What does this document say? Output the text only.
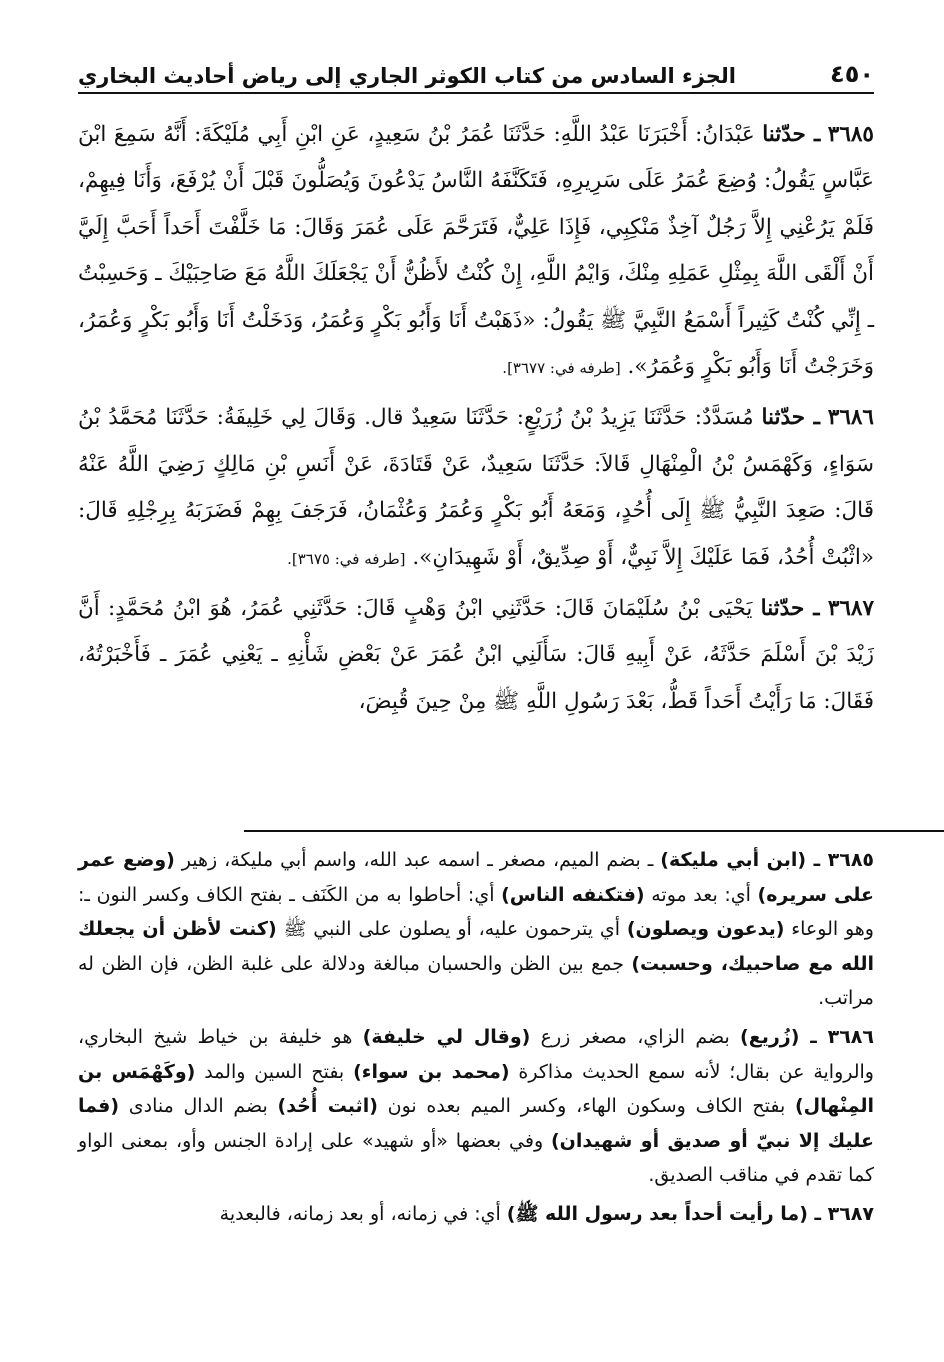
٤٥٠
الجزء السادس من كتاب الكوثر الجاري إلى رياض أحاديث البخاري

٣٦٨٥ ـ حدّثنا عَبْدَانُ: أَخْبَرَنَا عَبْدُ اللَّهِ: حَدَّثَنَا عُمَرُ بْنُ سَعِيدٍ، عَنِ ابْنِ أَبِي مُلَيْكَةَ: أَنَّهُ سَمِعَ ابْنَ عَبَّاسٍ يَقُولُ: وُضِعَ عُمَرُ عَلَى سَرِيرِهِ، فَتَكَنَّفَهُ النَّاسُ يَدْعُونَ وَيُصَلُّونَ قَبْلَ أَنْ يُرْفَعَ، وَأَنَا فِيهِمْ، فَلَمْ يَرُعْنِي إِلاَّ رَجُلٌ آخِذٌ مَنْكِبِي، فَإِذَا عَلِيٌّ، فَتَرَحَّمَ عَلَى عُمَرَ وَقَالَ: مَا خَلَّفْتَ أَحَداً أَحَبَّ إِلَيَّ أَنْ أَلْقَى اللَّهَ بِمِثْلِ عَمَلِهِ مِنْكَ، وَايْمُ اللَّهِ، إِنْ كُنْتُ لأَظُنُّ أَنْ يَجْعَلَكَ اللَّهُ مَعَ صَاحِبَيْكَ ـ وَحَسِبْتُ ـ إِنِّي كُنْتُ كَثِيراً أَسْمَعُ النَّبِيَّ ﷺ يَقُولُ: «ذَهَبْتُ أَنَا وَأَبُو بَكْرٍ وَعُمَرُ، وَدَخَلْتُ أَنَا وَأَبُو بَكْرٍ وَعُمَرُ، وَخَرَجْتُ أَنَا وَأَبُو بَكْرٍ وَعُمَرُ». [طرفه في: ٣٦٧٧].

٣٦٨٦ ـ حدّثنا مُسَدَّدٌ: حَدَّثَنَا يَزِيدُ بْنُ زُرَيْعٍ: حَدَّثَنَا سَعِيدٌ قال. وَقَالَ لِي خَلِيفَةُ: حَدَّثَنَا مُحَمَّدُ بْنُ سَوَاءٍ، وَكَهْمَسُ بْنُ الْمِنْهَالِ قَالاَ: حَدَّثَنَا سَعِيدٌ، عَنْ قَتَادَةَ، عَنْ أَنَسِ بْنِ مَالِكٍ رَضِيَ اللَّهُ عَنْهُ قَالَ: صَعِدَ النَّبِيُّ ﷺ إِلَى أُحُدٍ، وَمَعَهُ أَبُو بَكْرٍ وَعُمَرُ وَعُثْمَانُ، فَرَجَفَ بِهِمْ فَضَرَبَهُ بِرِجْلِهِ قَالَ: «اثْبُتْ أُحُدُ، فَمَا عَلَيْكَ إِلاَّ نَبِيٌّ، أَوْ صِدِّيقٌ، أَوْ شَهِيدَانِ». [طرفه في: ٣٦٧٥].

٣٦٨٧ ـ حدّثنا يَحْيَى بْنُ سُلَيْمَانَ قَالَ: حَدَّثَنِي ابْنُ وَهْبٍ قَالَ: حَدَّثَنِي عُمَرُ، هُوَ ابْنُ مُحَمَّدٍ: أَنَّ زَيْدَ بْنَ أَسْلَمَ حَدَّثَهُ، عَنْ أَبِيهِ قَالَ: سَأَلَنِي ابْنُ عُمَرَ عَنْ بَعْضِ شَأْنِهِ ـ يَعْنِي عُمَرَ ـ فَأَخْبَرْتُهُ، فَقَالَ: مَا رَأَيْتُ أَحَداً قَطُّ، بَعْدَ رَسُولِ اللَّهِ ﷺ مِنْ حِينَ قُبِضَ،

٣٦٨٥ ـ (ابن أبي مليكة) ـ بضم الميم، مصغر ـ اسمه عبد الله، واسم أبي مليكة، زهير (وضع عمر على سريره) أي: بعد موته (فتكنفه الناس) أي: أحاطوا به من الكَنَف ـ بفتح الكاف وكسر النون ـ: وهو الوعاء (يدعون ويصلون) أي يترحمون عليه، أو يصلون على النبي ﷺ (كنت لأظن أن يجعلك الله مع صاحبيك، وحسبت) جمع بين الظن والحسبان مبالغة ودلالة على غلبة الظن، فإن الظن له مراتب.

٣٦٨٦ ـ (زُريع) بضم الزاي، مصغر زرع (وقال لي خليفة) هو خليفة بن خياط شيخ البخاري، والرواية عن بقال؛ لأنه سمع الحديث مذاكرة (محمد بن سواء) بفتح السين والمد (وكَهْمَس بن المِنْهال) بفتح الكاف وسكون الهاء، وكسر الميم بعده نون (اثبت أُحُد) بضم الدال منادى (فما عليك إلا نبيّ أو صديق أو شهيدان) وفي بعضها «أو شهيد» على إرادة الجنس وأو، بمعنى الواو كما تقدم في مناقب الصديق.

٣٦٨٧ ـ (ما رأيت أحداً بعد رسول الله ﷺ) أي: في زمانه، أو بعد زمانه، فالبعدية
